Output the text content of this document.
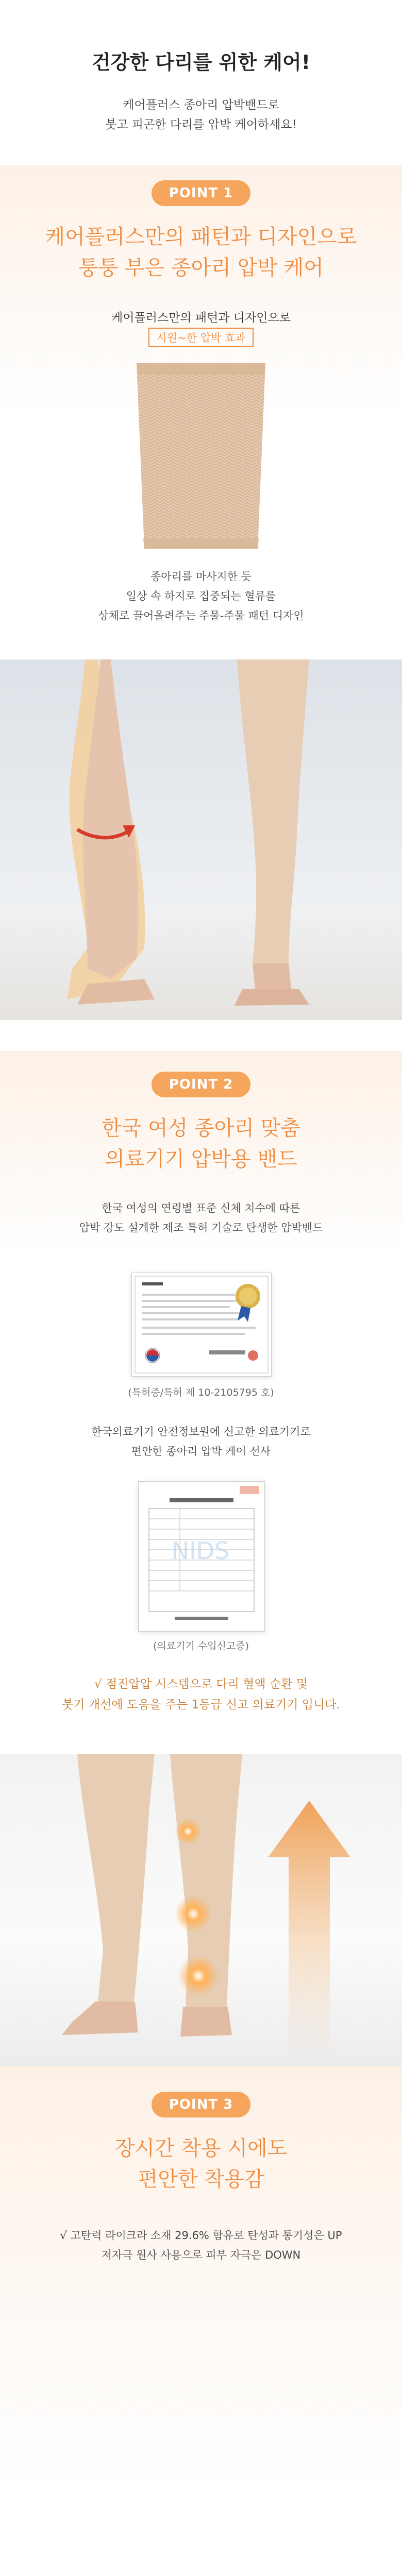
건강한 다리를 위한 케어!
케어플러스 종아리 압박밴드로
붓고 피곤한 다리를 압박 케어하세요!
POINT 1
케어플러스만의 패턴과 디자인으로
퉁퉁 부은 종아리 압박 케어
케어플러스만의 패턴과 디자인으로
시원~한 압박 효과
종아리를 마사지한 듯
일상 속 하지로 집중되는 혈류를
상체로 끌어올려주는 주물-주물 패턴 디자인
POINT 2
한국 여성 종아리 맞춤
의료기기 압박용 밴드
한국 여성의 연령별 표준 신체 치수에 따른
압박 강도 설계한 제조 특허 기술로 탄생한 압박밴드
(특허증/특허 제 10-2105795 호)
한국의료기기 안전정보원에 신고한 의료기기로
편안한 종아리 압박 케어 선사
NIDS
(의료기기 수입신고증)
√ 점진압압 시스템으로 다리 혈액 순환 및
붓기 개선에 도움을 주는 1등급 신고 의료기기 입니다.
POINT 3
장시간 착용 시에도
편안한 착용감
√ 고탄력 라이크라 소재 29.6% 함유로 탄성과 통기성은 UP
저자극 원사 사용으로 피부 자극은 DOWN
